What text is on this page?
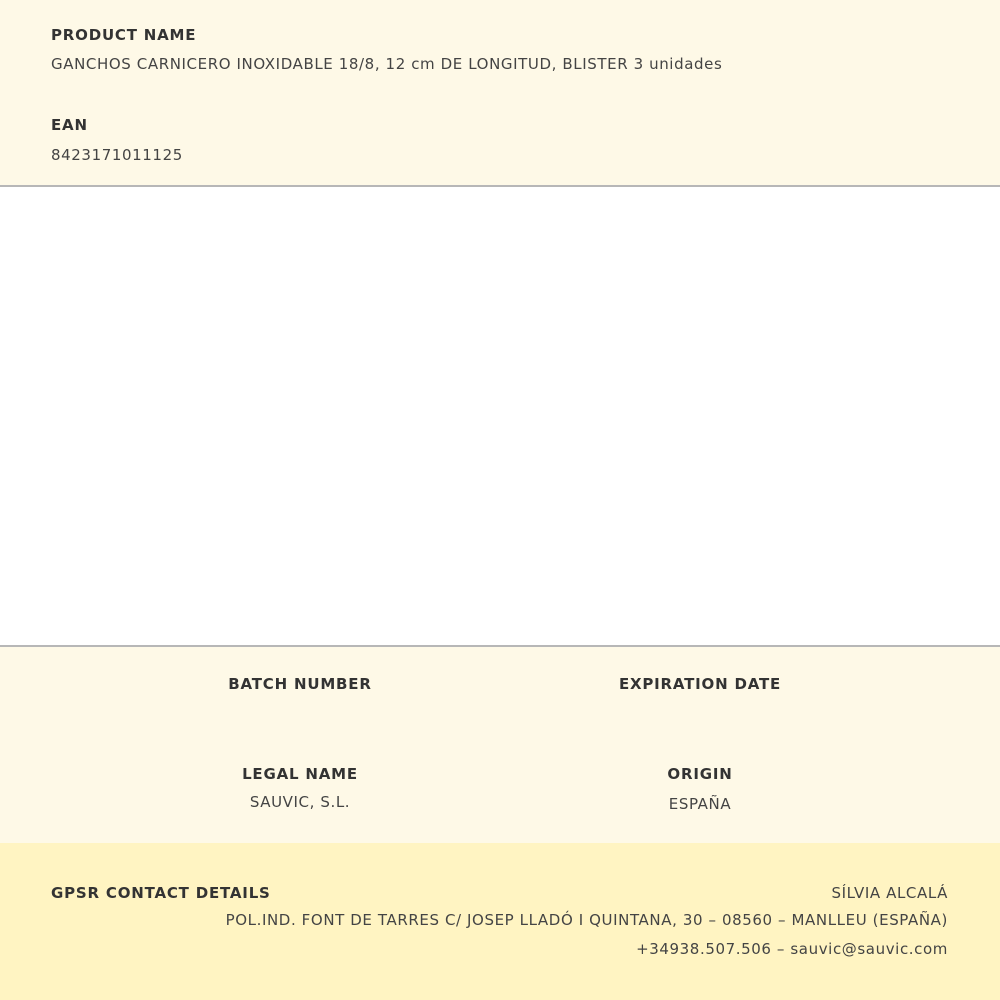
PRODUCT NAME
GANCHOS CARNICERO INOXIDABLE 18/8, 12 cm DE LONGITUD, BLISTER 3 unidades
EAN
8423171011125
BATCH NUMBER	EXPIRATION DATE
LEGAL NAME
SAUVIC, S.L.
ORIGIN
ESPAÑA
GPSR CONTACT DETAILS	SÍLVIA ALCALÁ
POL.IND. FONT DE TARRES C/ JOSEP LLADÓ I QUINTANA, 30 – 08560 – MANLLEU (ESPAÑA)
+34938.507.506 – sauvic@sauvic.com
